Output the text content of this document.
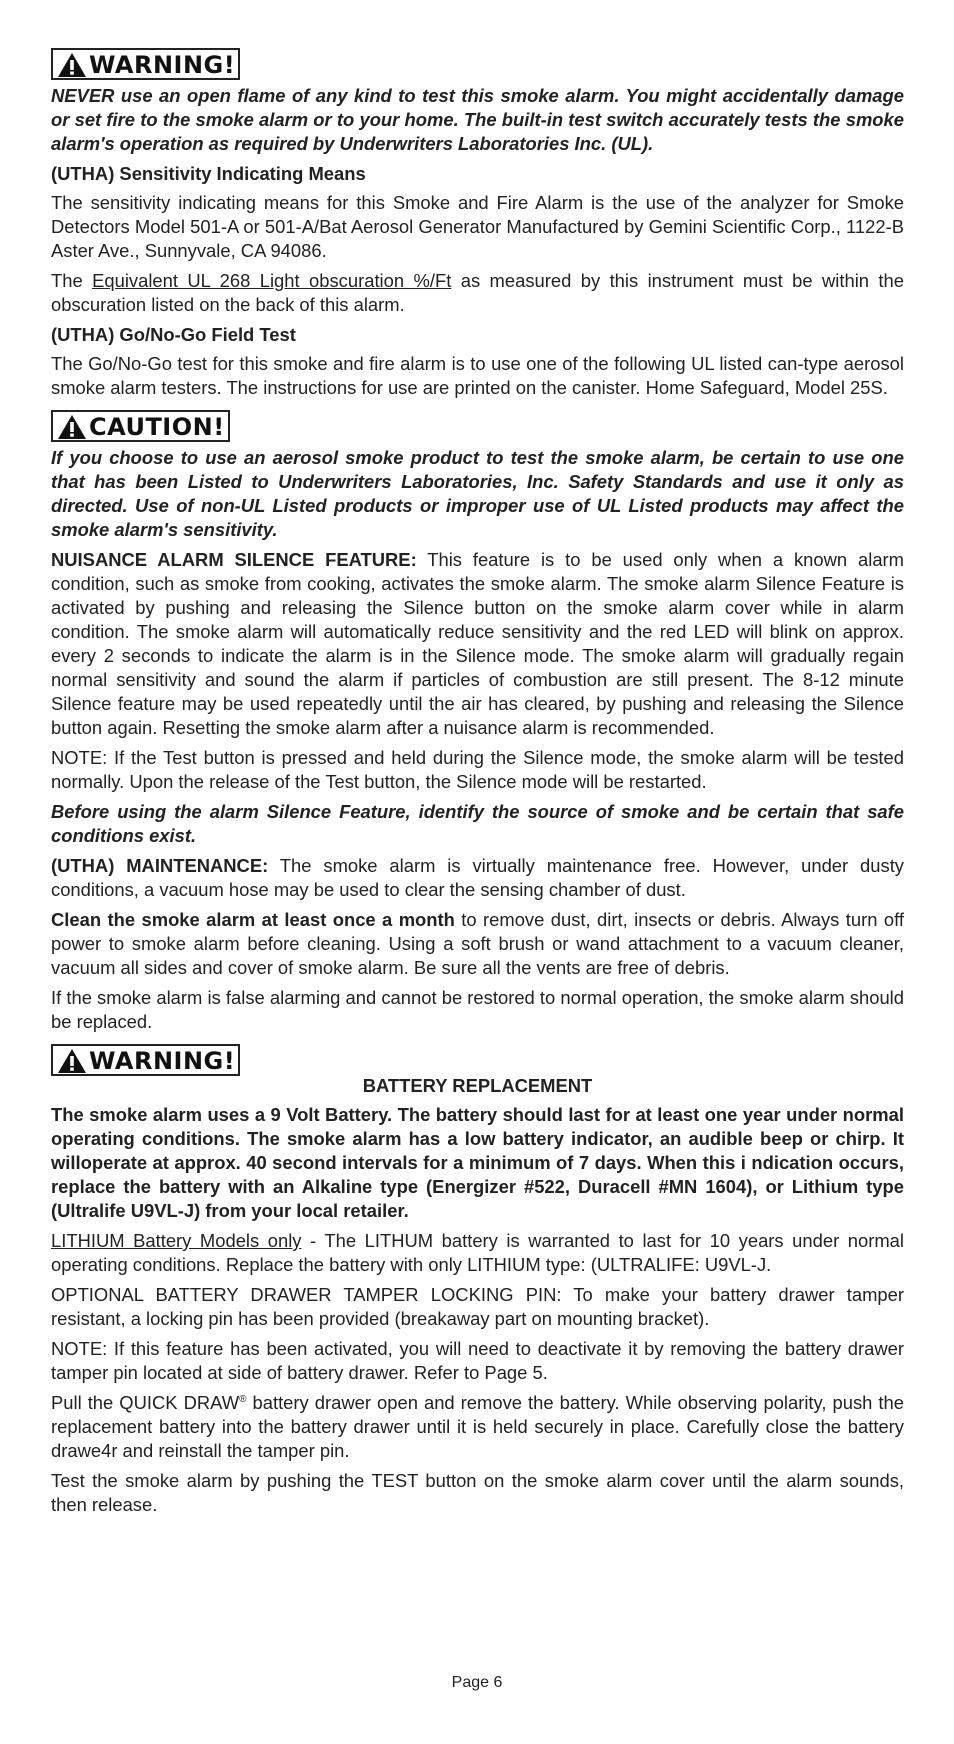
WARNING!

NEVER use an open flame of any kind to test this smoke alarm. You might accidentally damage or set fire to the smoke alarm or to your home. The built-in test switch accurately tests the smoke alarm's operation as required by Underwriters Laboratories Inc. (UL).

(UTHA) Sensitivity Indicating Means

The sensitivity indicating means for this Smoke and Fire Alarm is the use of the analyzer for Smoke Detectors Model 501-A or 501-A/Bat Aerosol Generator Manufactured by Gemini Scientific Corp., 1122-B Aster Ave., Sunnyvale, CA 94086.

The Equivalent UL 268 Light obscuration %/Ft as measured by this instrument must be within the obscuration listed on the back of this alarm.

(UTHA) Go/No-Go Field Test

The Go/No-Go test for this smoke and fire alarm is to use one of the following UL listed can-type aerosol smoke alarm testers. The instructions for use are printed on the canister. Home Safeguard, Model 25S.

CAUTION!

If you choose to use an aerosol smoke product to test the smoke alarm, be certain to use one that has been Listed to Underwriters Laboratories, Inc. Safety Standards and use it only as directed. Use of non-UL Listed products or improper use of UL Listed products may affect the smoke alarm's sensitivity.

NUISANCE ALARM SILENCE FEATURE: This feature is to be used only when a known alarm condition, such as smoke from cooking, activates the smoke alarm. The smoke alarm Silence Feature is activated by pushing and releasing the Silence button on the smoke alarm cover while in alarm condition. The smoke alarm will automatically reduce sensitivity and the red LED will blink on approx. every 2 seconds to indicate the alarm is in the Silence mode. The smoke alarm will gradually regain normal sensitivity and sound the alarm if particles of combustion are still present. The 8-12 minute Silence feature may be used repeatedly until the air has cleared, by pushing and releasing the Silence button again. Resetting the smoke alarm after a nuisance alarm is recommended.

NOTE: If the Test button is pressed and held during the Silence mode, the smoke alarm will be tested normally. Upon the release of the Test button, the Silence mode will be restarted.

Before using the alarm Silence Feature, identify the source of smoke and be certain that safe conditions exist.

(UTHA) MAINTENANCE: The smoke alarm is virtually maintenance free. However, under dusty conditions, a vacuum hose may be used to clear the sensing chamber of dust.

Clean the smoke alarm at least once a month to remove dust, dirt, insects or debris. Always turn off power to smoke alarm before cleaning. Using a soft brush or wand attachment to a vacuum cleaner, vacuum all sides and cover of smoke alarm. Be sure all the vents are free of debris.

If the smoke alarm is false alarming and cannot be restored to normal operation, the smoke alarm should be replaced.

WARNING!
BATTERY REPLACEMENT

The smoke alarm uses a 9 Volt Battery. The battery should last for at least one year under normal operating conditions. The smoke alarm has a low battery indicator, an audible beep or chirp. It willoperate at approx. 40 second intervals for a minimum of 7 days. When this i ndication occurs, replace the battery with an Alkaline type (Energizer #522, Duracell #MN 1604), or Lithium type (Ultralife U9VL-J) from your local retailer.

LITHIUM Battery Models only - The LITHUM battery is warranted to last for 10 years under normal operating conditions. Replace the battery with only LITHIUM type: (ULTRALIFE: U9VL-J.

OPTIONAL BATTERY DRAWER TAMPER LOCKING PIN: To make your battery drawer tamper resistant, a locking pin has been provided (breakaway part on mounting bracket).

NOTE: If this feature has been activated, you will need to deactivate it by removing the battery drawer tamper pin located at side of battery drawer. Refer to Page 5.

Pull the QUICK DRAW® battery drawer open and remove the battery. While observing polarity, push the replacement battery into the battery drawer until it is held securely in place. Carefully close the battery drawe4r and reinstall the tamper pin.

Test the smoke alarm by pushing the TEST button on the smoke alarm cover until the alarm sounds, then release.

Page 6
